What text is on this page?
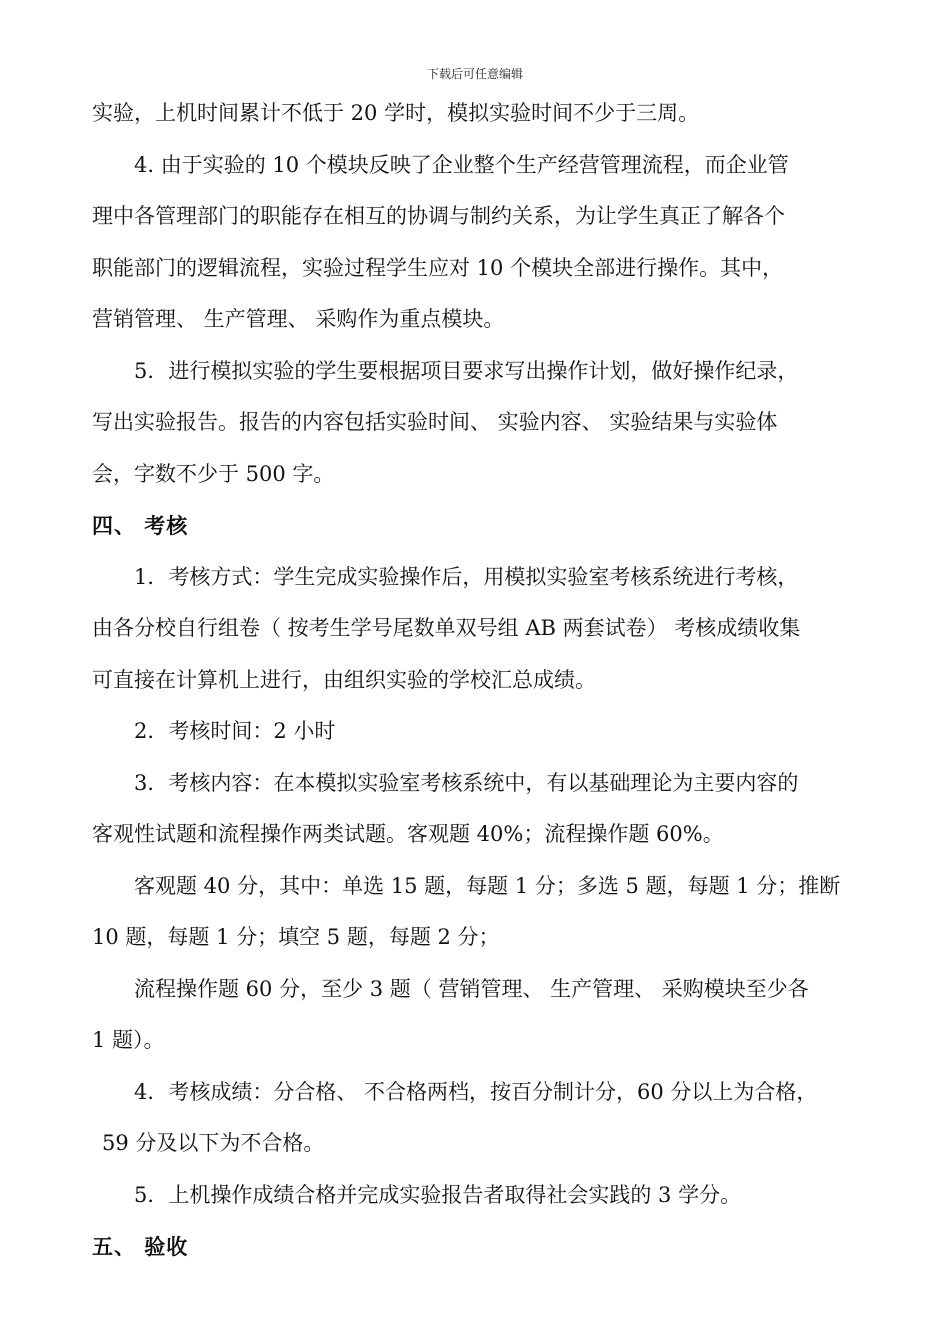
下载后可任意编辑
实验，上机时间累计不低于 20 学时，模拟实验时间不少于三周。
4. 由于实验的 10 个模块反映了企业整个生产经营管理流程，而企业管
理中各管理部门的职能存在相互的协调与制约关系，为让学生真正了解各个
职能部门的逻辑流程，实验过程学生应对 10 个模块全部进行操作。其中，
营销管理、 生产管理、 采购作为重点模块。
5．进行模拟实验的学生要根据项目要求写出操作计划，做好操作纪录，
写出实验报告。报告的内容包括实验时间、 实验内容、 实验结果与实验体
会，字数不少于 500 字。
四、 考核
1．考核方式：学生完成实验操作后，用模拟实验室考核系统进行考核，
由各分校自行组卷（ 按考生学号尾数单双号组 AB 两套试卷） 考核成绩收集
可直接在计算机上进行，由组织实验的学校汇总成绩。
2．考核时间：2 小时
3．考核内容：在本模拟实验室考核系统中，有以基础理论为主要内容的
客观性试题和流程操作两类试题。客观题 40%；流程操作题 60%。
客观题 40 分，其中：单选 15 题，每题 1 分；多选 5 题，每题 1 分；推断
10 题，每题 1 分；填空 5 题，每题 2 分；
流程操作题 60 分，至少 3 题（ 营销管理、 生产管理、 采购模块至少各
1 题）。
4．考核成绩：分合格、 不合格两档，按百分制计分，60 分以上为合格，
59 分及以下为不合格。
5．上机操作成绩合格并完成实验报告者取得社会实践的 3 学分。
五、 验收
